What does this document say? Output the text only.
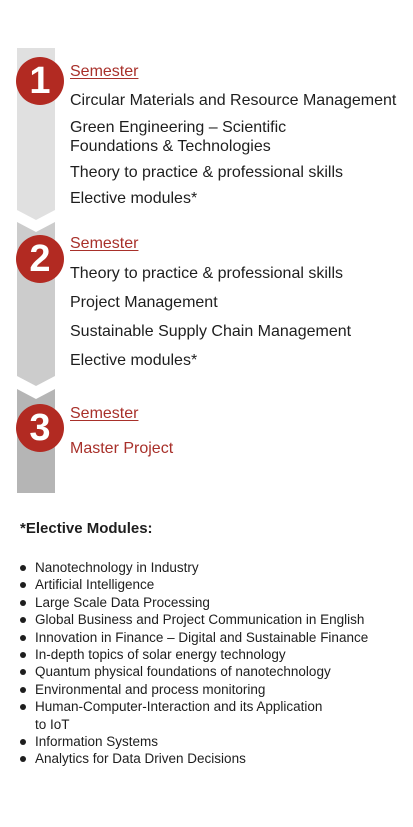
1 Semester
Circular Materials and Resource Management
Green Engineering – Scientific
Foundations & Technologies
Theory to practice & professional skills
Elective modules*
2 Semester
Theory to practice & professional skills
Project Management
Sustainable Supply Chain Management
Elective modules*
3 Semester
Master Project
*Elective Modules:
Nanotechnology in Industry
Artificial Intelligence
Large Scale Data Processing
Global Business and Project Communication in English
Innovation in Finance – Digital and Sustainable Finance
In-depth topics of solar energy technology
Quantum physical foundations of nanotechnology
Environmental and process monitoring
Human-Computer-Interaction and its Application
to IoT
Information Systems
Analytics for Data Driven Decisions
